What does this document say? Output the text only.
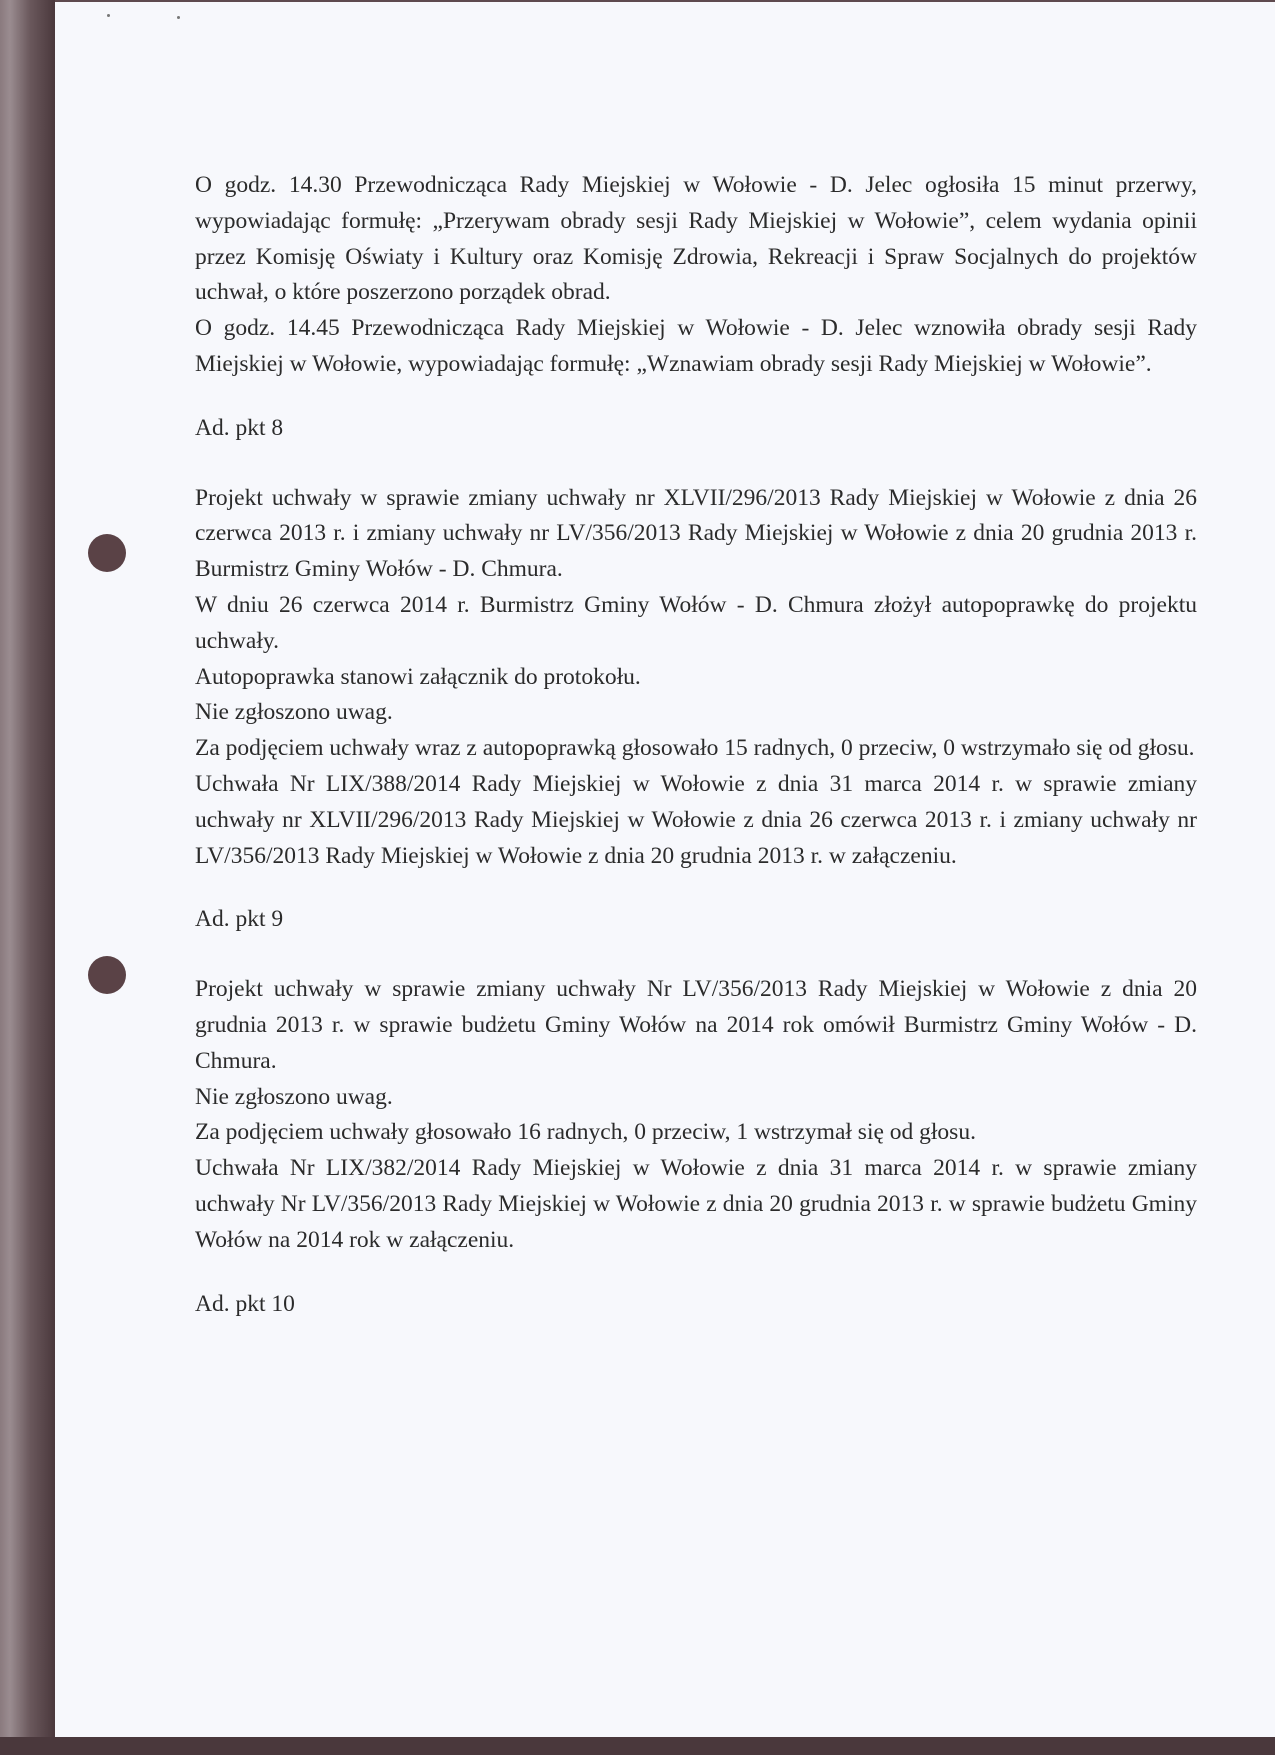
O godz. 14.30 Przewodnicząca Rady Miejskiej w Wołowie - D. Jelec ogłosiła 15 minut przerwy, wypowiadając formułę: „Przerywam obrady sesji Rady Miejskiej w Wołowie”, celem wydania opinii przez Komisję Oświaty i Kultury oraz Komisję Zdrowia, Rekreacji i Spraw Socjalnych do projektów uchwał, o które poszerzono porządek obrad.

O godz. 14.45 Przewodnicząca Rady Miejskiej w Wołowie - D. Jelec wznowiła obrady sesji Rady Miejskiej w Wołowie, wypowiadając formułę: „Wznawiam obrady sesji Rady Miejskiej w Wołowie”.

Ad. pkt 8

Projekt uchwały w sprawie zmiany uchwały nr XLVII/296/2013 Rady Miejskiej w Wołowie z dnia 26 czerwca 2013 r. i zmiany uchwały nr LV/356/2013 Rady Miejskiej w Wołowie z dnia 20 grudnia 2013 r. Burmistrz Gminy Wołów - D. Chmura.

W dniu 26 czerwca 2014 r. Burmistrz Gminy Wołów - D. Chmura złożył autopoprawkę do projektu uchwały.

Autopoprawka stanowi załącznik do protokołu.

Nie zgłoszono uwag.

Za podjęciem uchwały wraz z autopoprawką głosowało 15 radnych, 0 przeciw, 0 wstrzymało się od głosu.

Uchwała Nr LIX/388/2014 Rady Miejskiej w Wołowie z dnia 31 marca 2014 r. w sprawie zmiany uchwały nr XLVII/296/2013 Rady Miejskiej w Wołowie z dnia 26 czerwca 2013 r. i zmiany uchwały nr LV/356/2013 Rady Miejskiej w Wołowie z dnia 20 grudnia 2013 r. w załączeniu.

Ad. pkt 9

Projekt uchwały w sprawie zmiany uchwały Nr LV/356/2013 Rady Miejskiej w Wołowie z dnia 20 grudnia 2013 r. w sprawie budżetu Gminy Wołów na 2014 rok omówił Burmistrz Gminy Wołów - D. Chmura.

Nie zgłoszono uwag.

Za podjęciem uchwały głosowało 16 radnych, 0 przeciw, 1 wstrzymał się od głosu.

Uchwała Nr LIX/382/2014 Rady Miejskiej w Wołowie z dnia 31 marca 2014 r. w sprawie zmiany uchwały Nr LV/356/2013 Rady Miejskiej w Wołowie z dnia 20 grudnia 2013 r. w sprawie budżetu Gminy Wołów na 2014 rok w załączeniu.

Ad. pkt 10
